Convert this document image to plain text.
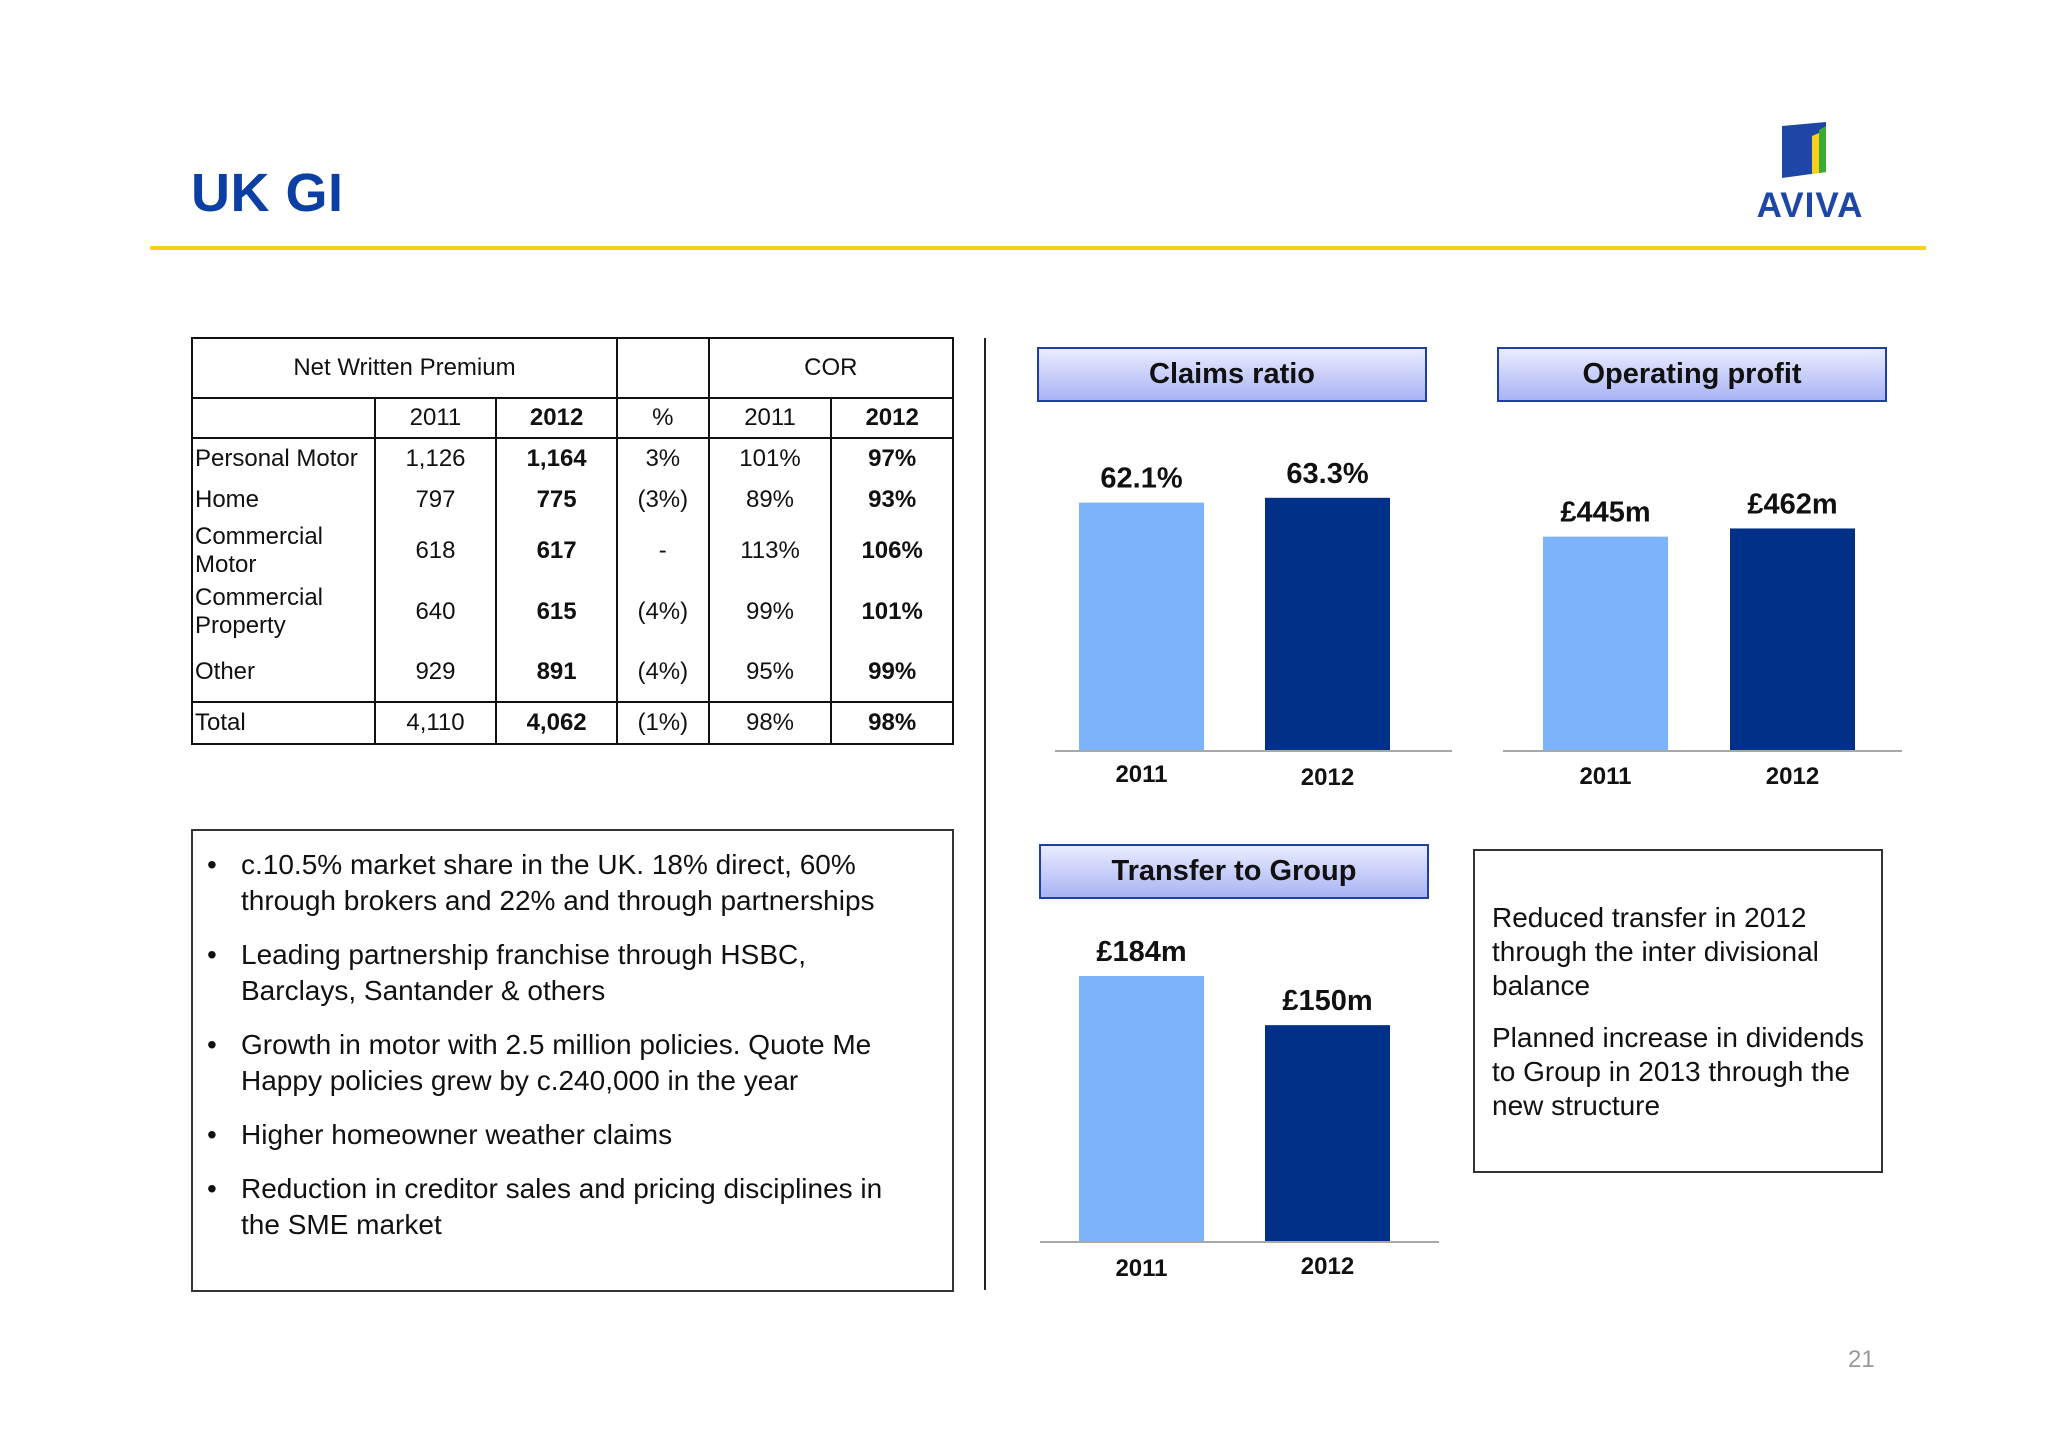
UK GI	AVIVA
Net Written Premium				COR	
	2011	2012	%	2011	2012
Personal Motor	1,126	1,164	3%	101%	97%
Home	797	775	(3%)	89%	93%
Commercial Motor	618	617	-	113%	106%
Commercial Property	640	615	(4%)	99%	101%
Other	929	891	(4%)	95%	99%
Total	4,110	4,062	(1%)	98%	98%
• c.10.5% market share in the UK. 18% direct, 60% through brokers and 22% and through partnerships
• Leading partnership franchise through HSBC, Barclays, Santander & others
• Growth in motor with 2.5 million policies. Quote Me Happy policies grew by c.240,000 in the year
• Higher homeowner weather claims
• Reduction in creditor sales and pricing disciplines in the SME market
Claims ratio	Operating profit
Transfer to Group
62.1%
2011
63.3%
2012
£445m
2011
£462m
2012
£184m
2011
£150m
2012

Reduced transfer in 2012 through the inter divisional balance

Planned increase in dividends to Group in 2013 through the new structure

21
